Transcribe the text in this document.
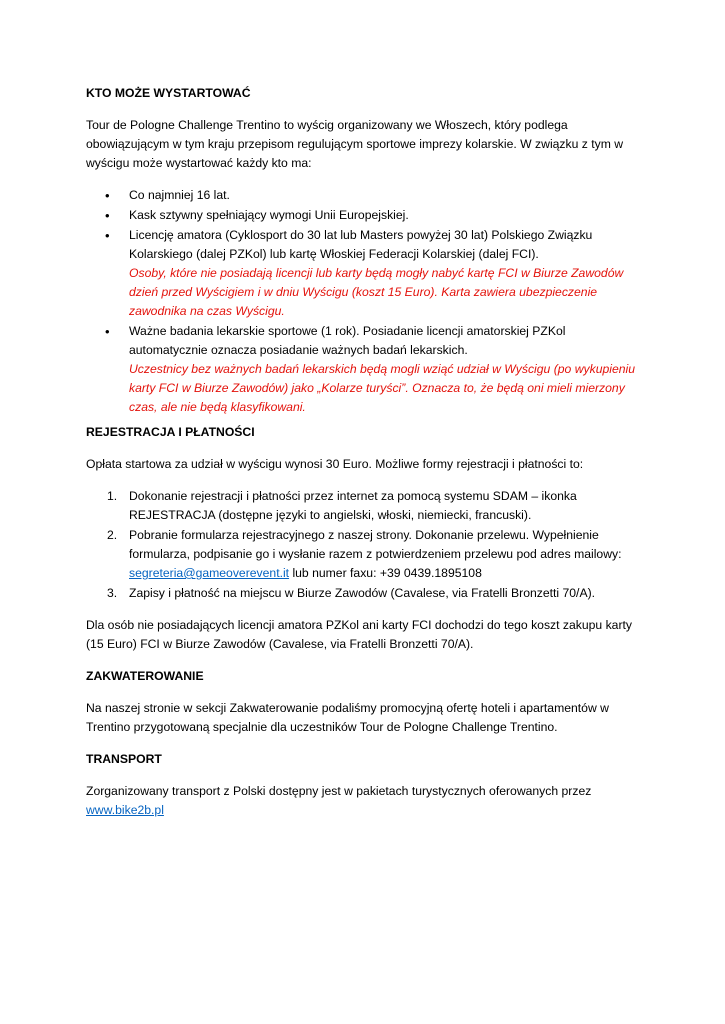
KTO MOŻE WYSTARTOWAĆ

Tour de Pologne Challenge Trentino to wyścig organizowany we Włoszech, który podlega obowiązującym w tym kraju przepisom regulującym sportowe imprezy kolarskie. W związku z tym w wyścigu może wystartować każdy kto ma:

• Co najmniej 16 lat.
• Kask sztywny spełniający wymogi Unii Europejskiej.
• Licencję amatora (Cyklosport do 30 lat lub Masters powyżej 30 lat) Polskiego Związku Kolarskiego (dalej PZKol) lub kartę Włoskiej Federacji Kolarskiej (dalej FCI).
Osoby, które nie posiadają licencji lub karty będą mogły nabyć kartę FCI w Biurze Zawodów dzień przed Wyścigiem i w dniu Wyścigu (koszt 15 Euro). Karta zawiera ubezpieczenie zawodnika na czas Wyścigu.
• Ważne badania lekarskie sportowe (1 rok). Posiadanie licencji amatorskiej PZKol automatycznie oznacza posiadanie ważnych badań lekarskich.
Uczestnicy bez ważnych badań lekarskich będą mogli wziąć udział w Wyścigu (po wykupieniu karty FCI w Biurze Zawodów) jako „Kolarze turyści”. Oznacza to, że będą oni mieli mierzony czas, ale nie będą klasyfikowani.
REJESTRACJA I PŁATNOŚCI

Opłata startowa za udział w wyścigu wynosi 30 Euro. Możliwe formy rejestracji i płatności to:

1. Dokonanie rejestracji i płatności przez internet za pomocą systemu SDAM – ikonka REJESTRACJA (dostępne języki to angielski, włoski, niemiecki, francuski).
2. Pobranie formularza rejestracyjnego z naszej strony. Dokonanie przelewu. Wypełnienie formularza, podpisanie go i wysłanie razem z potwierdzeniem przelewu pod adres mailowy: segreteria@gameoverevent.it lub numer faxu: +39 0439.1895108
3. Zapisy i płatność na miejscu w Biurze Zawodów (Cavalese, via Fratelli Bronzetti 70/A).

Dla osób nie posiadających licencji amatora PZKol ani karty FCI dochodzi do tego koszt zakupu karty (15 Euro) FCI w Biurze Zawodów (Cavalese, via Fratelli Bronzetti 70/A).

ZAKWATEROWANIE

Na naszej stronie w sekcji Zakwaterowanie podaliśmy promocyjną ofertę hoteli i apartamentów w Trentino przygotowaną specjalnie dla uczestników Tour de Pologne Challenge Trentino.

TRANSPORT

Zorganizowany transport z Polski dostępny jest w pakietach turystycznych oferowanych przez
www.bike2b.pl
